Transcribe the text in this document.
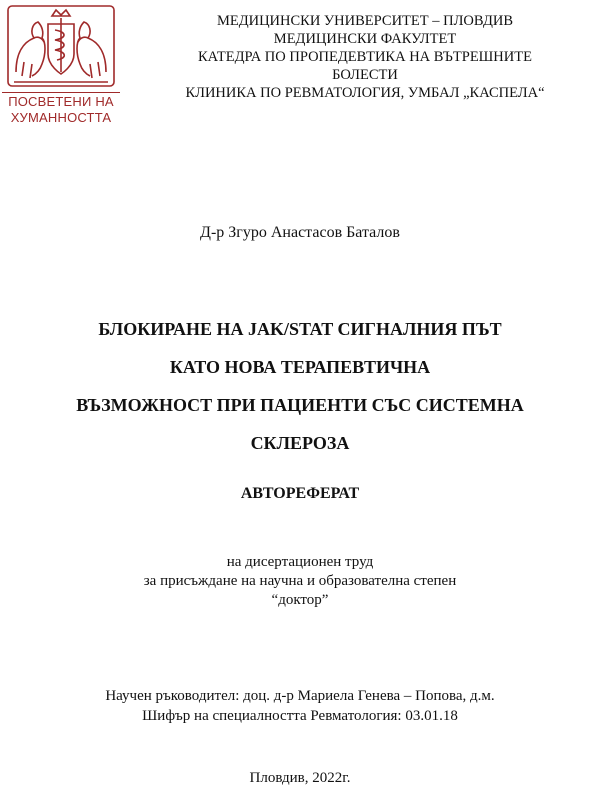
ПОСВЕТЕНИ НА
ХУМАННОСТТА
МЕДИЦИНСКИ УНИВЕРСИТЕТ – ПЛОВДИВ
МЕДИЦИНСКИ ФАКУЛТЕТ
КАТЕДРА ПО ПРОПЕДЕВТИКА НА ВЪТРЕШНИТЕ
БОЛЕСТИ
КЛИНИКА ПО РЕВМАТОЛОГИЯ, УМБАЛ „КАСПЕЛА“
Д-р Згуро Анастасов Баталов
БЛОКИРАНЕ НА JAK/STAT СИГНАЛНИЯ ПЪТ
КАТО НОВА ТЕРАПЕВТИЧНА
ВЪЗМОЖНОСТ ПРИ ПАЦИЕНТИ СЪС СИСТЕМНА
СКЛЕРОЗА
АВТОРЕФЕРАТ
на дисертационен труд
за присъждане на научна и образователна степен
“доктор”
Научен ръководител: доц. д-р Мариела Генева – Попова, д.м.
Шифър на специалността Ревматология: 03.01.18
Пловдив, 2022г.
